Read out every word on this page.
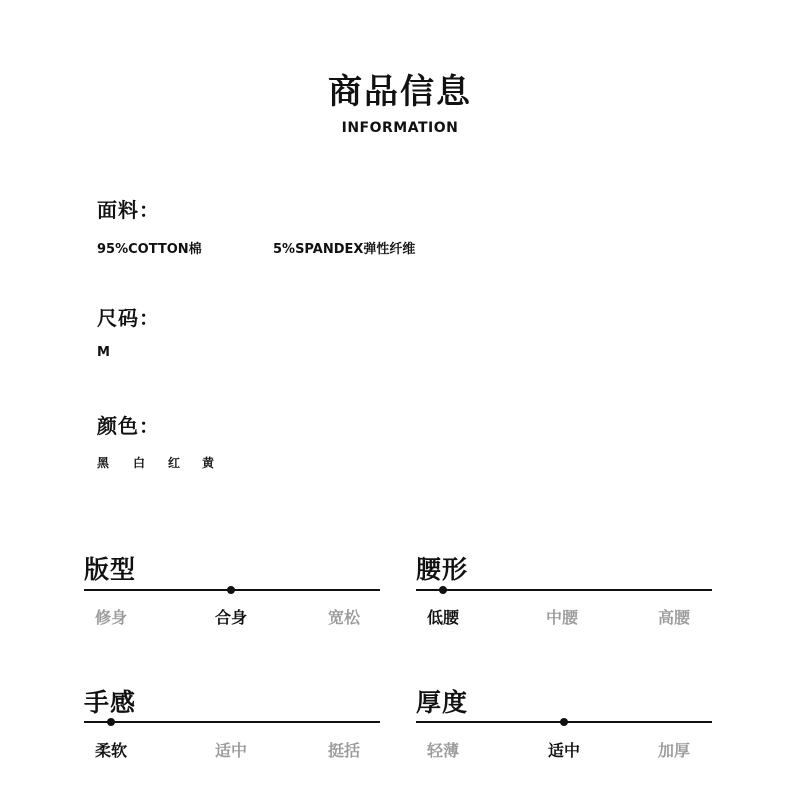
商品信息
INFORMATION
面料：
95%COTTON棉	5%SPANDEX弹性纤维
尺码：
M
颜色：
黑 白 红 黄
版型
修身	合身	宽松
腰形
低腰	中腰	高腰
手感
柔软	适中	挺括
厚度
轻薄	适中	加厚
